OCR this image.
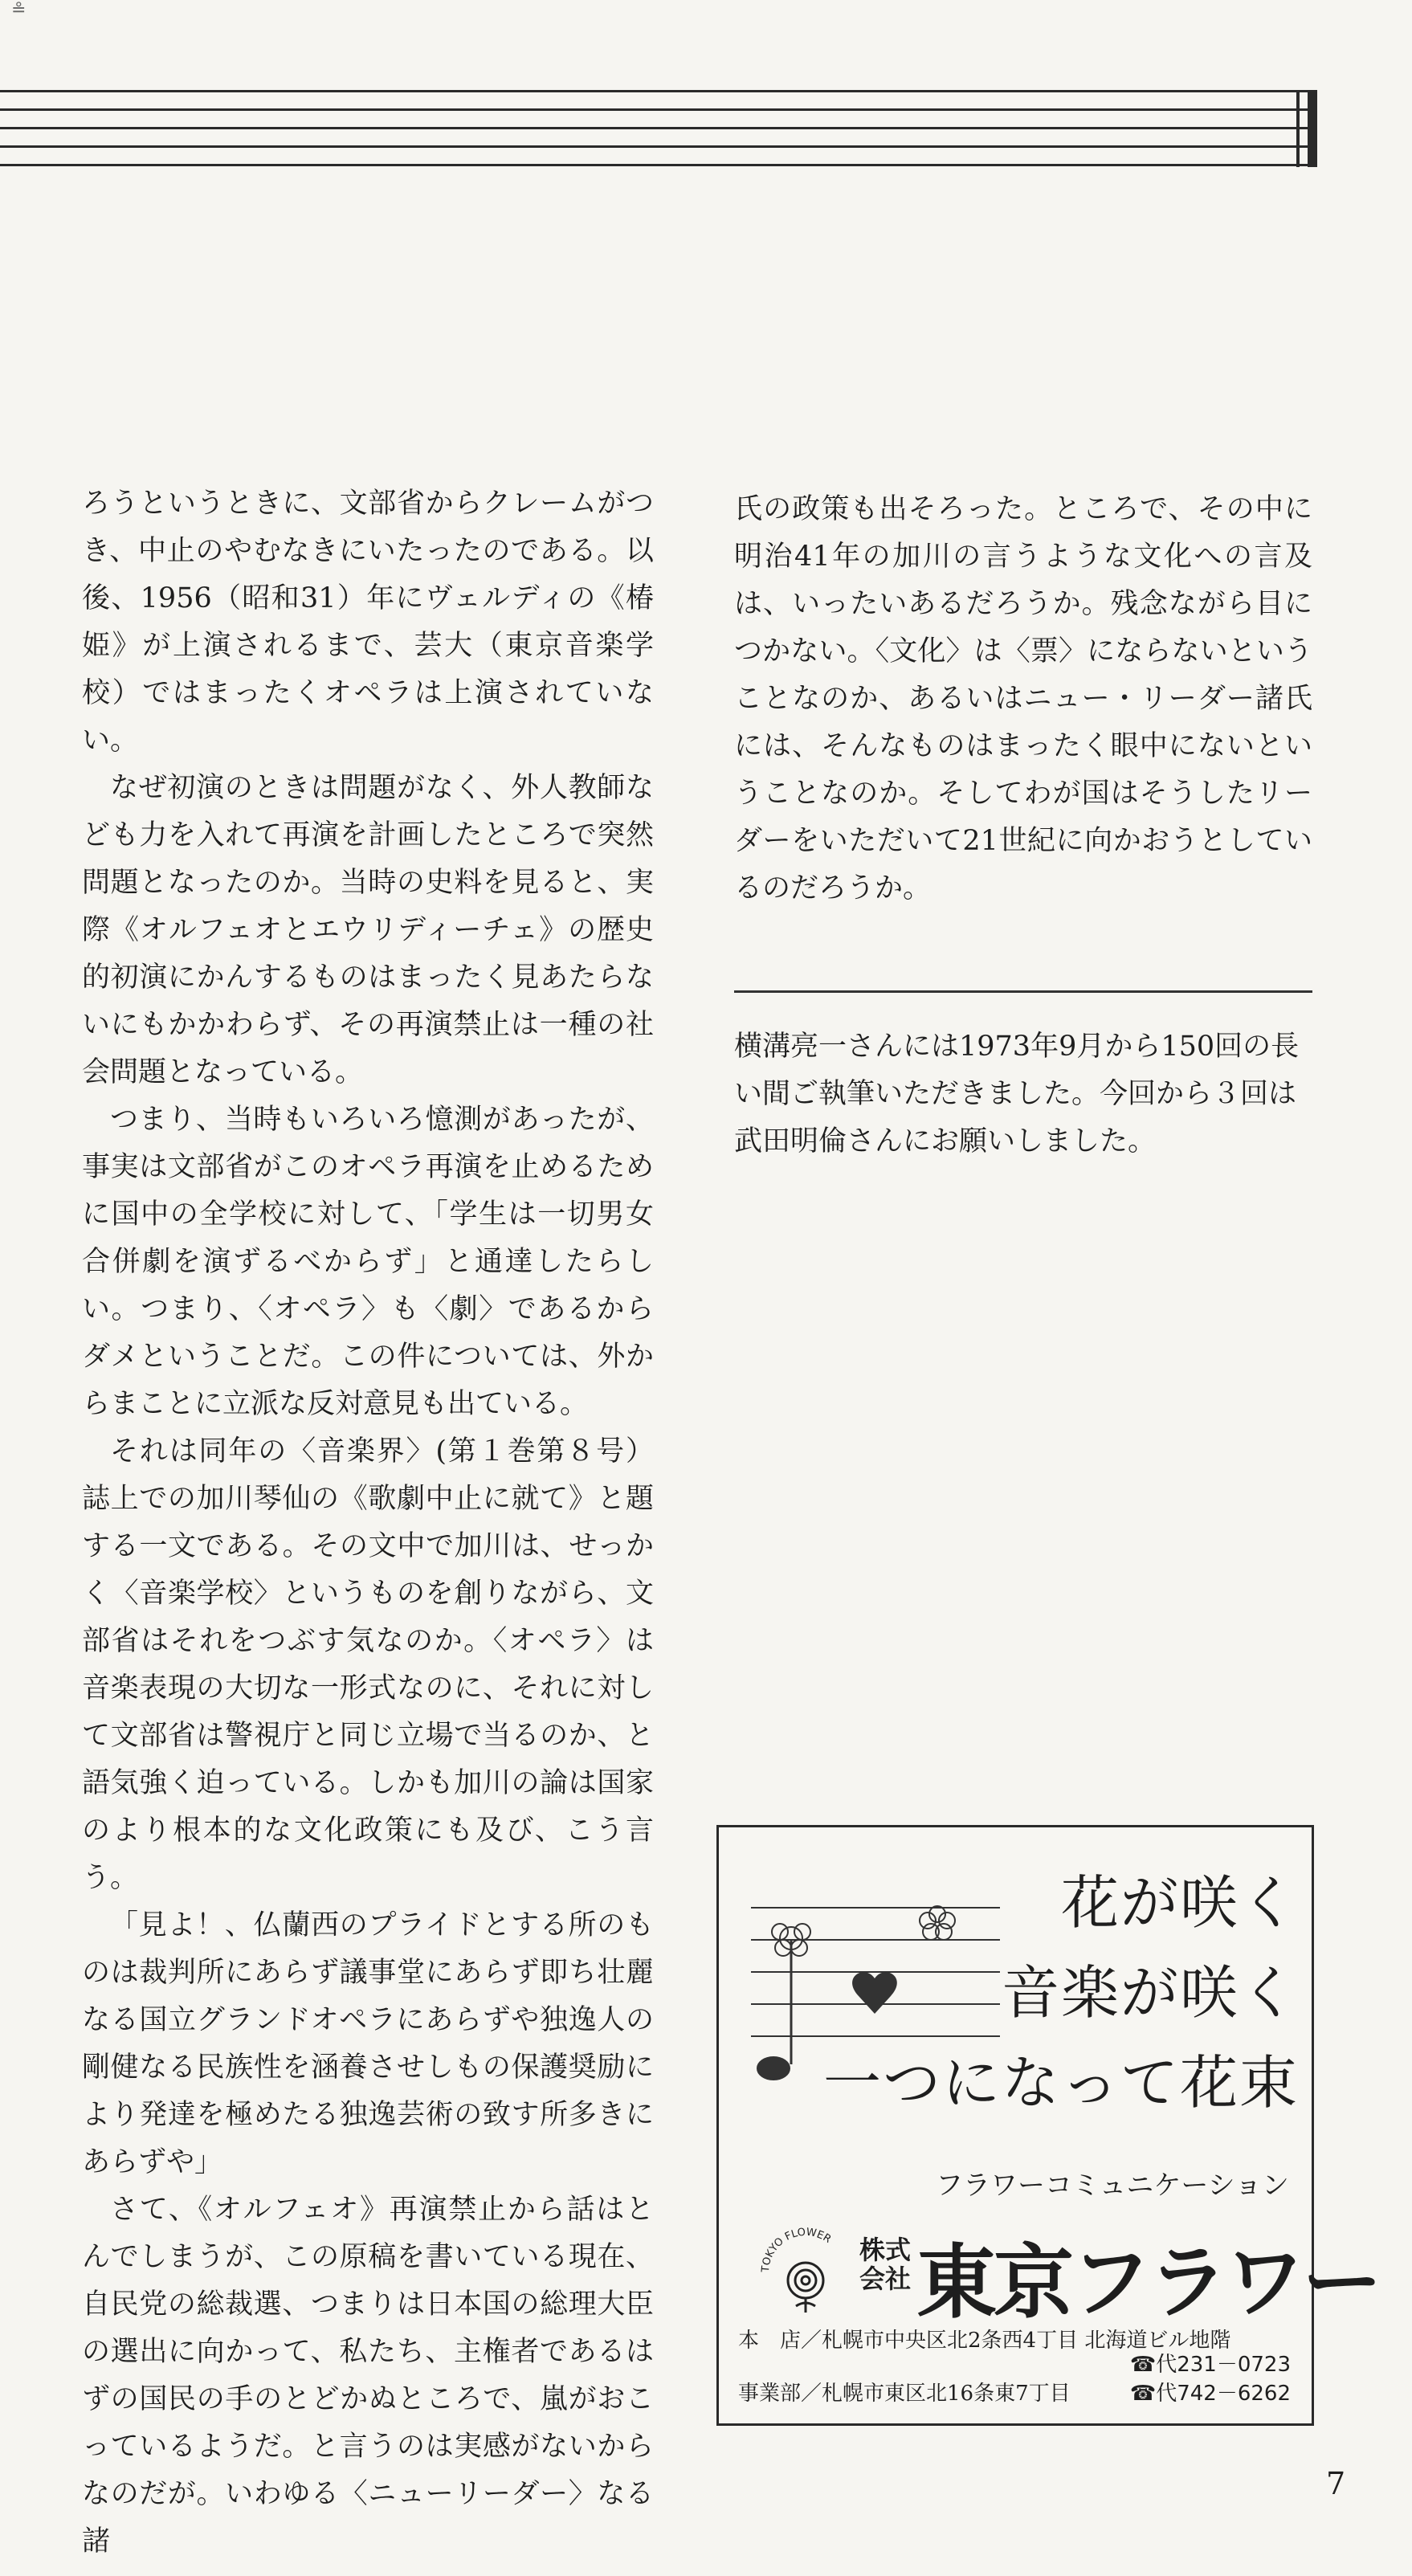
≗

ろうというときに、文部省からクレームがつき、中止のやむなきにいたったのである。以後、1956（昭和31）年にヴェルディの《椿姫》が上演されるまで、芸大（東京音楽学校）ではまったくオペラは上演されていない。

なぜ初演のときは問題がなく、外人教師なども力を入れて再演を計画したところで突然問題となったのか。当時の史料を見ると、実際《オルフェオとエウリディーチェ》の歴史的初演にかんするものはまったく見あたらないにもかかわらず、その再演禁止は一種の社会問題となっている。

つまり、当時もいろいろ憶測があったが、事実は文部省がこのオペラ再演を止めるために国中の全学校に対して、「学生は一切男女合併劇を演ずるべからず」と通達したらしい。つまり、〈オペラ〉も〈劇〉であるからダメということだ。この件については、外からまことに立派な反対意見も出ている。

それは同年の〈音楽界〉(第１巻第８号）誌上での加川琴仙の《歌劇中止に就て》と題する一文である。その文中で加川は、せっかく〈音楽学校〉というものを創りながら、文部省はそれをつぶす気なのか。〈オペラ〉は音楽表現の大切な一形式なのに、それに対して文部省は警視庁と同じ立場で当るのか、と語気強く迫っている。しかも加川の論は国家のより根本的な文化政策にも及び、こう言う。

「見よ！、仏蘭西のプライドとする所のものは裁判所にあらず議事堂にあらず即ち壮麗なる国立グランドオペラにあらずや独逸人の剛健なる民族性を涵養させしもの保護奨励により発達を極めたる独逸芸術の致す所多きにあらずや」

さて、《オルフェオ》再演禁止から話はとんでしまうが、この原稿を書いている現在、自民党の総裁選、つまりは日本国の総理大臣の選出に向かって、私たち、主権者であるはずの国民の手のとどかぬところで、嵐がおこっているようだ。と言うのは実感がないからなのだが。いわゆる〈ニューリーダー〉なる諸

氏の政策も出そろった。ところで、その中に明治41年の加川の言うような文化への言及は、いったいあるだろうか。残念ながら目につかない。〈文化〉は〈票〉にならないということなのか、あるいはニュー・リーダー諸氏には、そんなものはまったく眼中にないということなのか。そしてわが国はそうしたリーダーをいただいて21世紀に向かおうとしているのだろうか。

横溝亮一さんには1973年9月から150回の長い間ご執筆いただきました。今回から３回は武田明倫さんにお願いしました。

花が咲く
音楽が咲く
一つになって花束
フラワーコミュニケーション
TOKYO FLOWER 株式会社 東京フラワー
本　店／札幌市中央区北2条西4丁目 北海道ビル地階
☎代231－0723
事業部／札幌市東区北16条東7丁目	☎代742－6262
7
